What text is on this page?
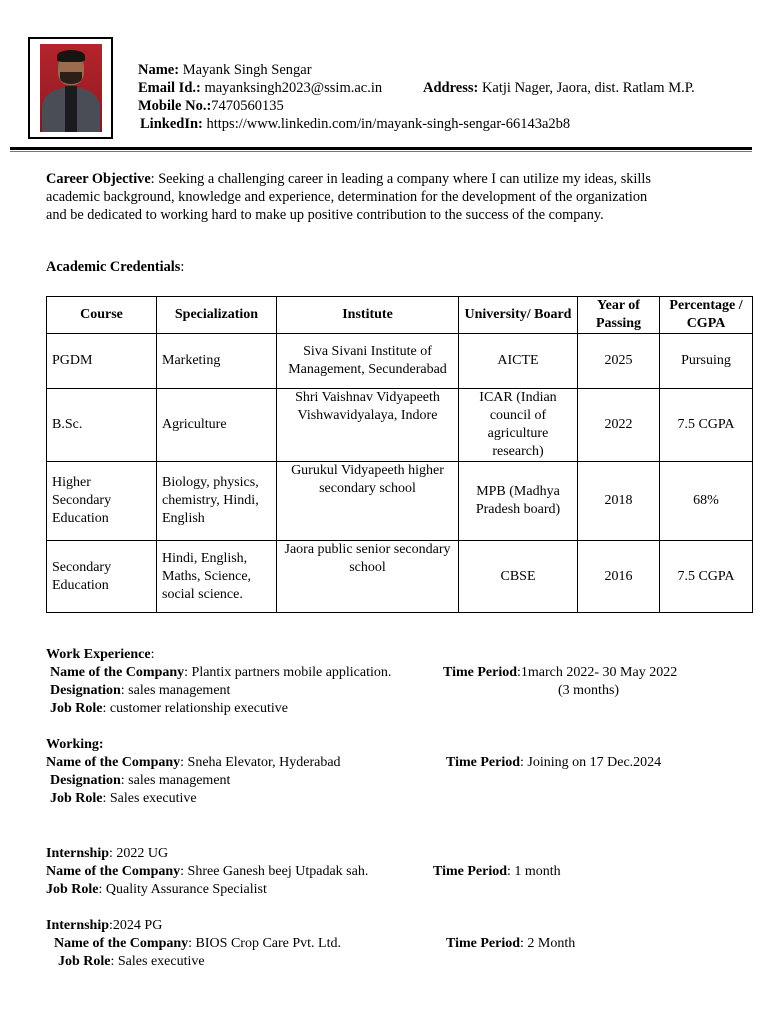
Name: Mayank Singh Sengar
Email Id.: mayanksingh2023@ssim.ac.in	Address: Katji Nager, Jaora, dist. Ratlam M.P.
Mobile No.:7470560135
LinkedIn: https://www.linkedin.com/in/mayank-singh-sengar-66143a2b8
Career Objective: Seeking a challenging career in leading a company where I can utilize my ideas, skills
academic background, knowledge and experience, determination for the development of the organization
and be dedicated to working hard to make up positive contribution to the success of the company.
Academic Credentials:
Course	Specialization	Institute	University/ Board	Year of Passing	Percentage / CGPA
PGDM	Marketing	Siva Sivani Institute of Management, Secunderabad	AICTE	2025	Pursuing
B.Sc.	Agriculture	Shri Vaishnav Vidyapeeth Vishwavidyalaya, Indore	ICAR (Indian council of agriculture research)	2022	7.5 CGPA
Higher Secondary Education	Biology, physics, chemistry, Hindi, English	Gurukul Vidyapeeth higher secondary school	MPB (Madhya Pradesh board)	2018	68%
Secondary Education	Hindi, English, Maths, Science, social science.	Jaora public senior secondary school	CBSE	2016	7.5 CGPA
Work Experience:
Name of the Company: Plantix partners mobile application.	Time Period:1march 2022- 30 May 2022
(3 months)
Designation: sales management
Job Role: customer relationship executive
Working:
Name of the Company: Sneha Elevator, Hyderabad	Time Period: Joining on 17 Dec.2024
Designation: sales management
Job Role: Sales executive
Internship: 2022 UG
Name of the Company: Shree Ganesh beej Utpadak sah.	Time Period: 1 month
Job Role: Quality Assurance Specialist
Internship:2024 PG
Name of the Company: BIOS Crop Care Pvt. Ltd.	Time Period: 2 Month
Job Role: Sales executive
